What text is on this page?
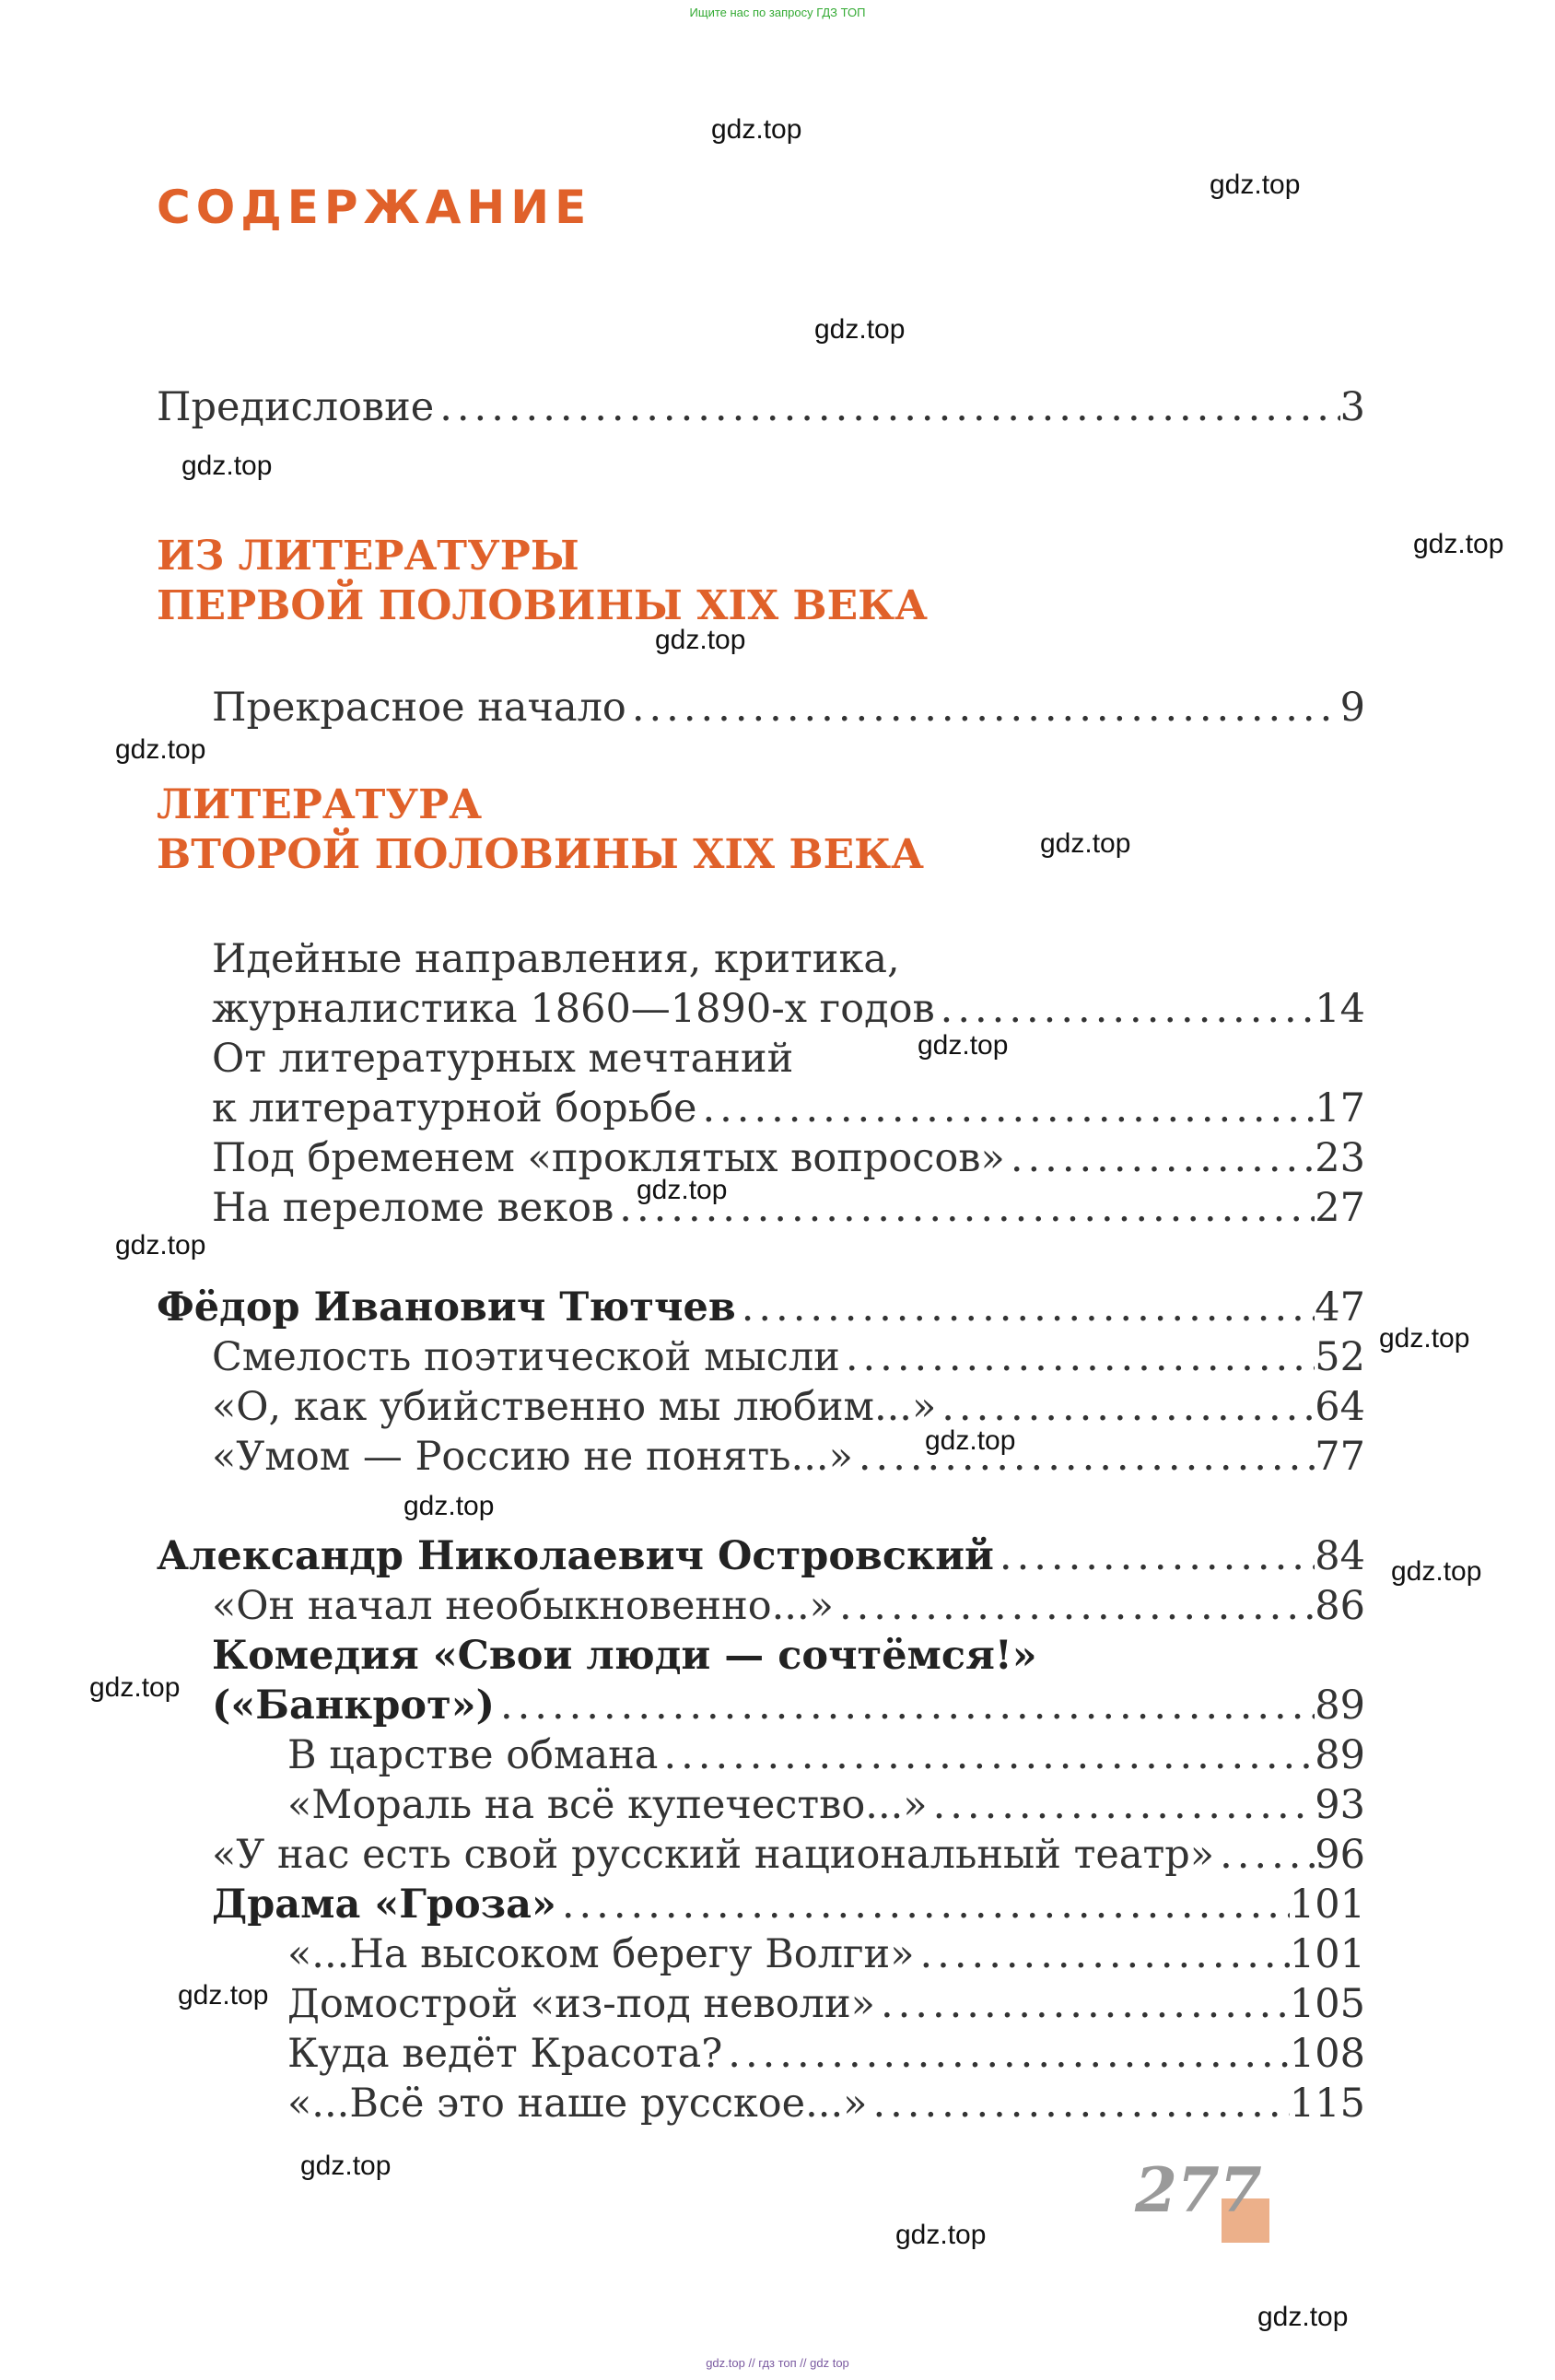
Ищите нас по запросу ГДЗ ТОП
СОДЕРЖАНИЕ
Предисловие .....	3
ИЗ ЛИТЕРАТУРЫ
ПЕРВОЙ ПОЛОВИНЫ XIX ВЕКА
Прекрасное начало .....	9
ЛИТЕРАТУРА
ВТОРОЙ ПОЛОВИНЫ XIX ВЕКА
Идейные направления, критика,
журналистика 1860—1890-х годов .....	14
От литературных мечтаний
к литературной борьбе .....	17
Под бременем «проклятых вопросов» .....	23
На переломе веков .....	27
Фёдор Иванович Тютчев .....	47
Смелость поэтической мысли .....	52
«О, как убийственно мы любим...» .....	64
«Умом — Россию не понять...» .....	77
Александр Николаевич Островский .....	84
«Он начал необыкновенно...» .....	86
Комедия «Свои люди — сочтёмся!»
(«Банкрот») .....	89
В царстве обмана .....	89
«Мораль на всё купечество...» .....	93
«У нас есть свой русский национальный театр» .....	96
Драма «Гроза» .....	101
«...На высоком берегу Волги» .....	101
Домострой «из-под неволи» .....	105
Куда ведёт Красота? .....	108
«...Всё это наше русское...» .....	115
277
gdz.top
gdz.top
gdz.top
gdz.top
gdz.top
gdz.top
gdz.top
gdz.top
gdz.top
gdz.top
gdz.top
gdz.top
gdz.top
gdz.top
gdz.top
gdz.top
gdz.top
gdz.top
gdz.top
gdz.top
gdz.top // гдз топ // gdz top
